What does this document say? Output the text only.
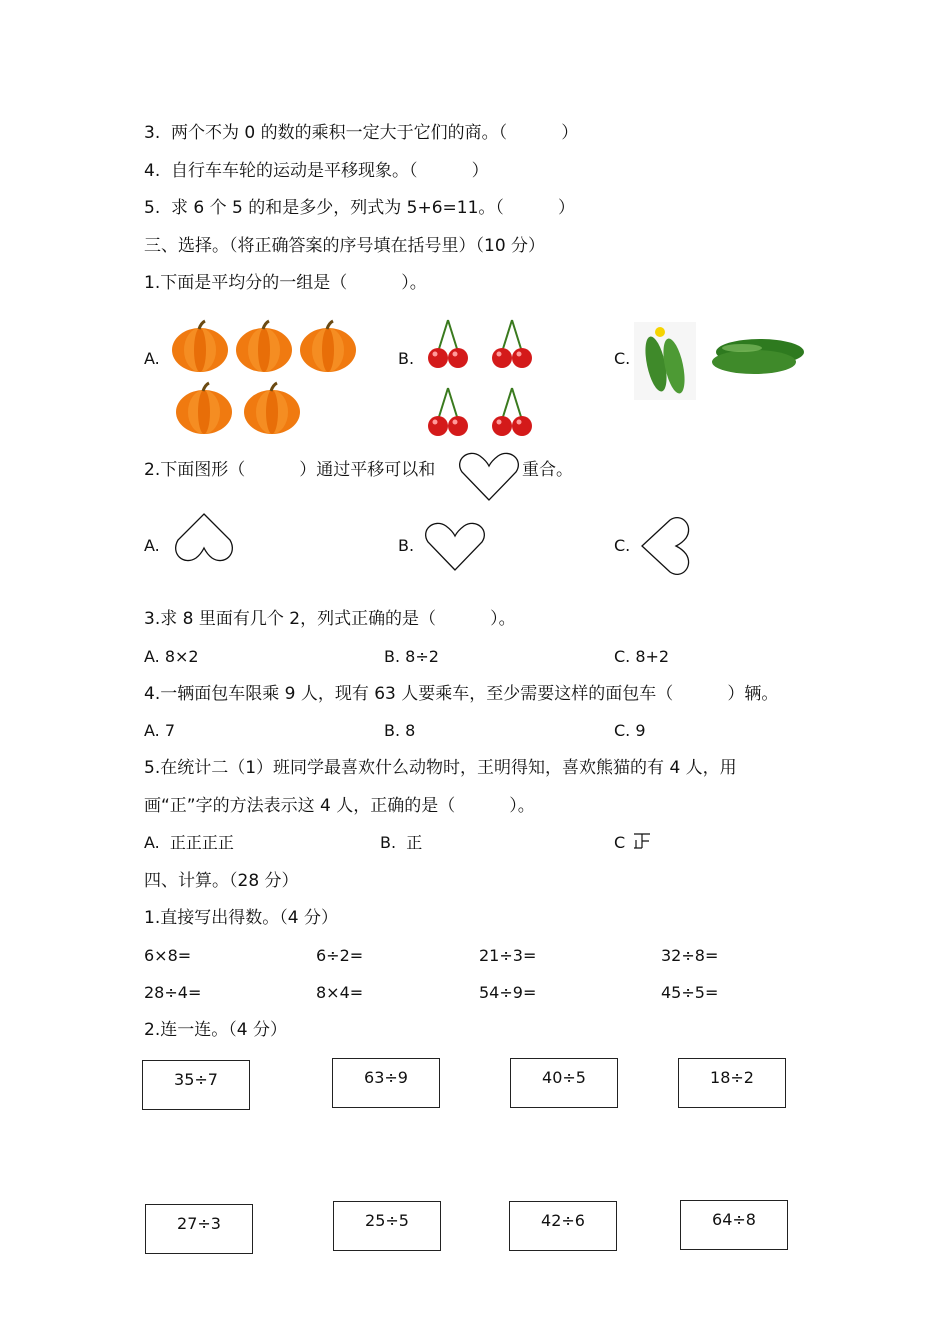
3.  两个不为 0 的数的乘积一定大于它们的商。（          ）
4.  自行车车轮的运动是平移现象。（          ）
5.  求 6 个 5 的和是多少，列式为 5+6=11。（          ）
三、选择。（将正确答案的序号填在括号里）（10 分）
1.下面是平均分的一组是（          ）。
A.	B.	C.
2.下面图形（          ）通过平移可以和	重合。
A.	B.	C.
3.求 8 里面有几个 2，列式正确的是（          ）。
A. 8×2	B. 8÷2	C. 8+2
4.一辆面包车限乘 9 人，现有 63 人要乘车，至少需要这样的面包车（          ）辆。
A. 7	B. 8	C. 9
5.在统计二（1）班同学最喜欢什么动物时，王明得知，喜欢熊猫的有 4 人，用
画“正”字的方法表示这 4 人，正确的是（          ）。
A.  正正正正	B.  正	C
四、计算。（28 分）
1.直接写出得数。（4 分）
6×8=	6÷2=	21÷3=	32÷8=
28÷4=	8×4=	54÷9=	45÷5=
2.连一连。（4 分）
35÷7	63÷9	40÷5	18÷2
27÷3	25÷5	42÷6	64÷8
